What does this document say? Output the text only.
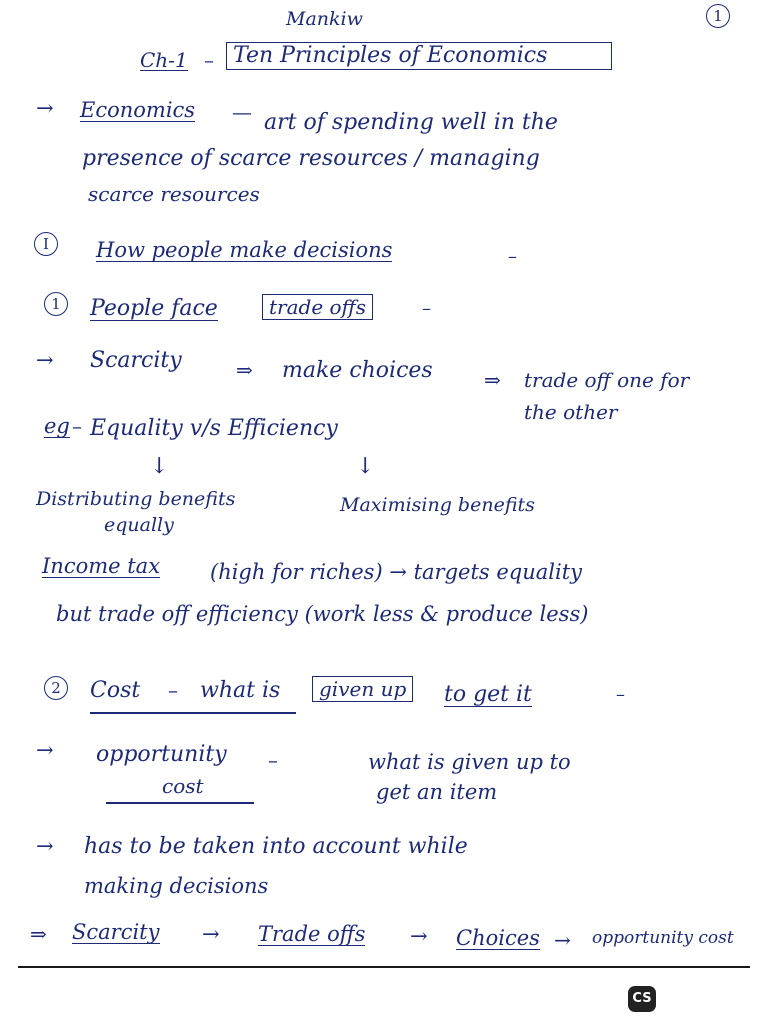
Mankiw	1
Ch-1 – Ten Principles of Economics
→ Economics — art of spending well in the
presence of scarce resources / managing
scarce resources
I	How people make decisions	–
1	People face	trade offs	–
→ Scarcity	⇒ make choices	⇒ trade off one for
the other
eg – Equality v/s Efficiency
↓	↓
Distributing benefits
equally
Maximising benefits
Income tax (high for riches) → targets equality
but trade off efficiency (work less & produce less)
2	Cost – what is	given up	to get it	–
→ opportunity
cost
–	what is given up to
get an item
→ has to be taken into account while
making decisions
⇒ Scarcity → Trade offs → Choices → opportunity cost
CS
